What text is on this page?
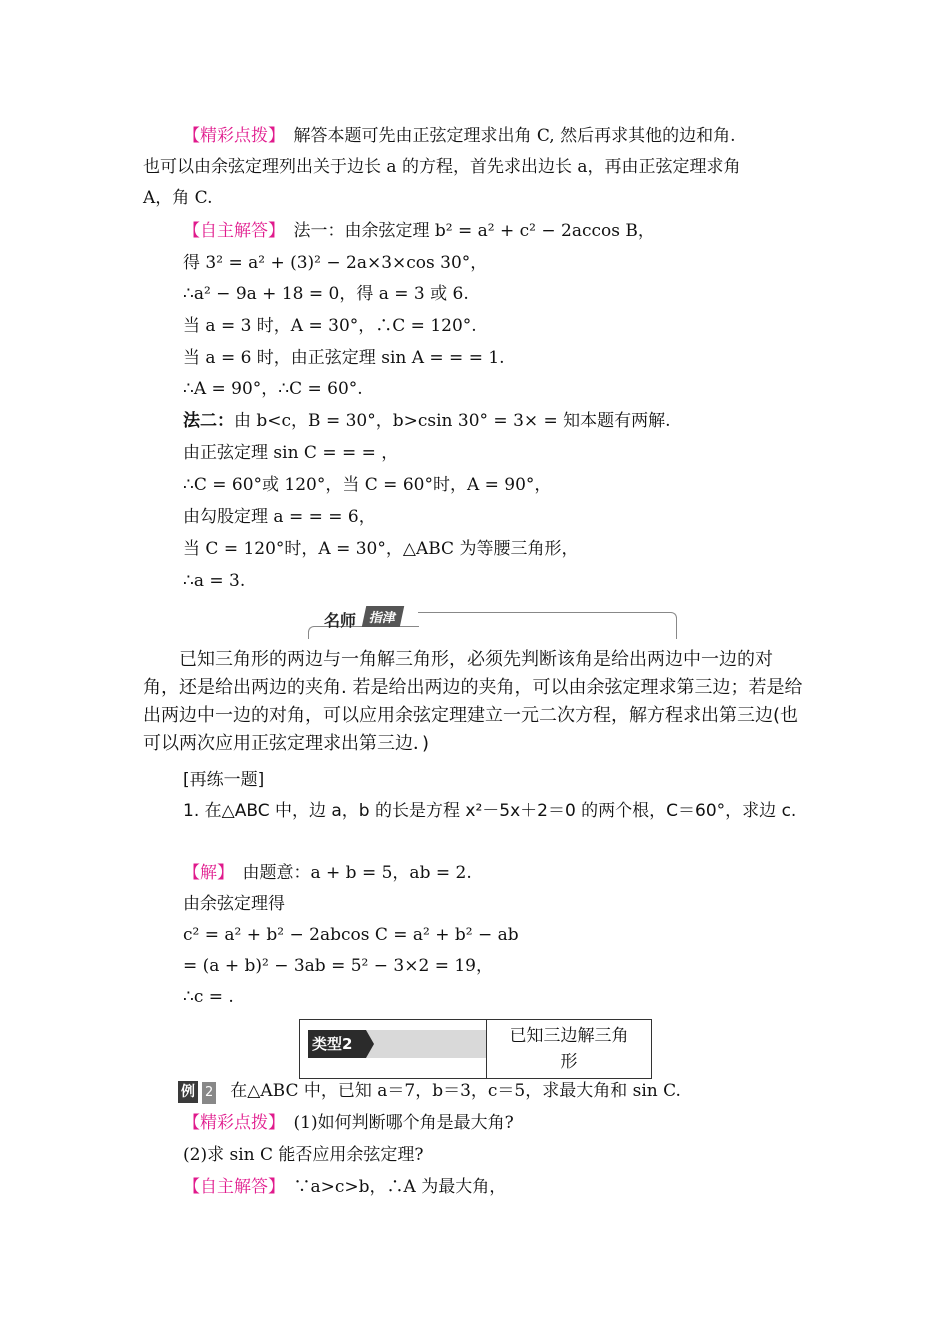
【精彩点拨】　解答本题可先由正弦定理求出角 C, 然后再求其他的边和角.
也可以由余弦定理列出关于边长 a 的方程，首先求出边长 a，再由正弦定理求角
A，角 C.
【自主解答】　法一：由余弦定理 b² = a² + c² − 2accos B，
得 3² = a² + (3)² − 2a×3×cos 30°，
∴a² − 9a + 18 = 0，得 a = 3 或 6.
当 a = 3 时，A = 30°，∴C = 120°.
当 a = 6 时，由正弦定理 sin A = = = 1.
∴A = 90°，∴C = 60°.
法二：由 b<c，B = 30°，b>csin 30° = 3× = 知本题有两解.
由正弦定理 sin C = = = ，
∴C = 60°或 120°，当 C = 60°时，A = 90°，
由勾股定理 a = = = 6，
当 C = 120°时，A = 30°，△ABC 为等腰三角形，
∴a = 3.
名师 指津
已知三角形的两边与一角解三角形，必须先判断该角是给出两边中一边的对角，还是给出两边的夹角. 若是给出两边的夹角，可以由余弦定理求第三边；若是给出两边中一边的对角，可以应用余弦定理建立一元二次方程，解方程求出第三边(也可以两次应用正弦定理求出第三边．)
[再练一题]
1. 在△ABC 中，边 a，b 的长是方程 x²－5x＋2＝0 的两个根，C＝60°，求边 c.
【解】　由题意：a + b = 5，ab = 2.
由余弦定理得
c² = a² + b² − 2abcos C = a² + b² − ab
= (a + b)² − 3ab = 5² − 3×2 = 19，
∴c = .
类型2	已知三边解三角
形
例 2 在△ABC 中，已知 a＝7，b＝3，c＝5，求最大角和 sin C.
【精彩点拨】　(1)如何判断哪个角是最大角?
(2)求 sin C 能否应用余弦定理?
【自主解答】　∵a>c>b，∴A 为最大角，
